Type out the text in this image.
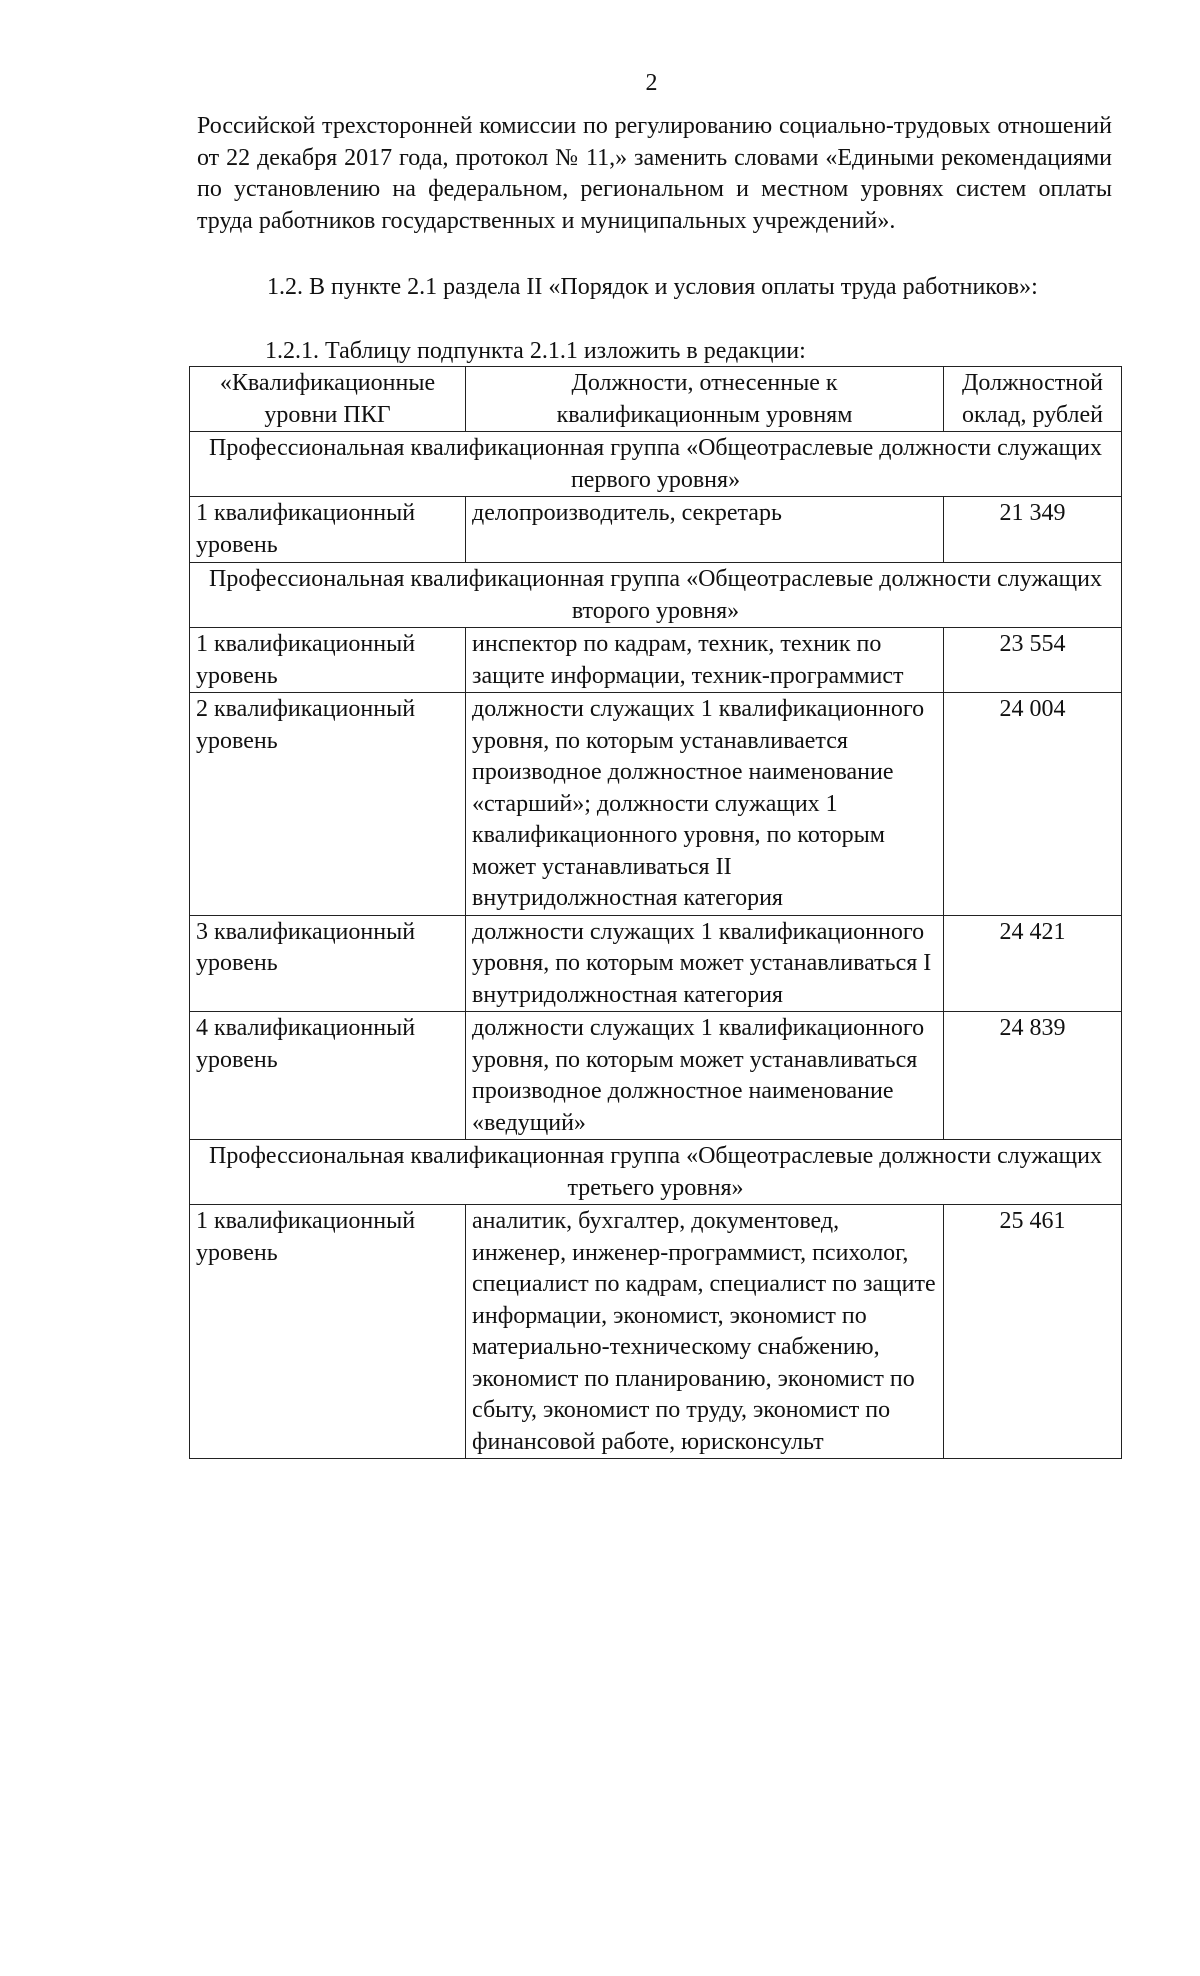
2
Российской трехсторонней комиссии по регулированию социально-трудовых отношений от 22 декабря 2017 года, протокол № 11,» заменить словами «Едиными рекомендациями по установлению на федеральном, региональном и местном уровнях систем оплаты труда работников государственных и муниципальных учреждений».
1.2. В пункте 2.1 раздела II «Порядок и условия оплаты труда работников»:
1.2.1. Таблицу подпункта 2.1.1 изложить в редакции:
«Квалификационные уровни ПКГ	Должности, отнесенные к квалификационным уровням	Должностной оклад, рублей
Профессиональная квалификационная группа «Общеотраслевые должности служащих первого уровня»		
1 квалификационный уровень	делопроизводитель, секретарь	21 349
Профессиональная квалификационная группа «Общеотраслевые должности служащих второго уровня»		
1 квалификационный уровень	инспектор по кадрам, техник, техник по защите информации, техник-программист	23 554
2 квалификационный уровень	должности служащих 1 квалификационного уровня, по которым устанавливается производное должностное наименование «старший»; должности служащих 1 квалификационного уровня, по которым может устанавливаться II внутридолжностная категория	24 004
3 квалификационный уровень	должности служащих 1 квалификационного уровня, по которым может устанавливаться I внутридолжностная категория	24 421
4 квалификационный уровень	должности служащих 1 квалификационного уровня, по которым может устанавливаться производное должностное наименование «ведущий»	24 839
Профессиональная квалификационная группа «Общеотраслевые должности служащих третьего уровня»		
1 квалификационный уровень	аналитик, бухгалтер, документовед, инженер, инженер-программист, психолог, специалист по кадрам, специалист по защите информации, экономист, экономист по материально-техническому снабжению, экономист по планированию, экономист по сбыту, экономист по труду, экономист по финансовой работе, юрисконсульт	25 461
